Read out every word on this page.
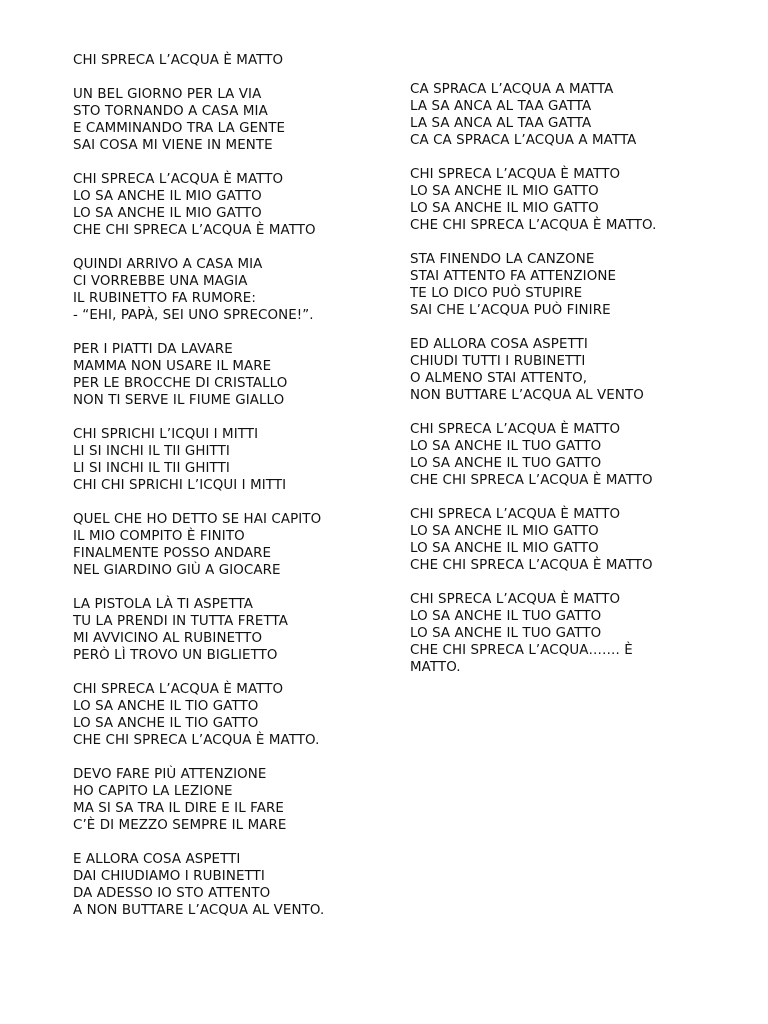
CHI SPRECA L’ACQUA È MATTO
UN BEL GIORNO PER LA VIA
STO TORNANDO A CASA MIA
E CAMMINANDO TRA LA GENTE
SAI COSA MI VIENE IN MENTE
CHI SPRECA L’ACQUA È MATTO
LO SA ANCHE IL MIO GATTO
LO SA ANCHE IL MIO GATTO
CHE CHI SPRECA L’ACQUA È MATTO
QUINDI ARRIVO A CASA MIA
CI VORREBBE UNA MAGIA
IL RUBINETTO FA RUMORE:
- “EHI, PAPÀ, SEI UNO SPRECONE!”.
PER I PIATTI DA LAVARE
MAMMA NON USARE IL MARE
PER LE BROCCHE DI CRISTALLO
NON TI SERVE IL FIUME GIALLO
CHI SPRICHI L’ICQUI I MITTI
LI SI INCHI IL TII GHITTI
LI SI INCHI IL TII GHITTI
CHI CHI SPRICHI L’ICQUI I MITTI
QUEL CHE HO DETTO SE HAI CAPITO
IL MIO COMPITO È FINITO
FINALMENTE POSSO ANDARE
NEL GIARDINO GIÙ A GIOCARE
LA PISTOLA LÀ TI ASPETTA
TU LA PRENDI IN TUTTA FRETTA
MI AVVICINO AL RUBINETTO
PERÒ LÌ TROVO UN BIGLIETTO
CHI SPRECA L’ACQUA È MATTO
LO SA ANCHE IL TIO GATTO
LO SA ANCHE IL TIO GATTO
CHE CHI SPRECA L’ACQUA È MATTO.
DEVO FARE PIÙ ATTENZIONE
HO CAPITO LA LEZIONE
MA SI SA TRA IL DIRE E IL FARE
C’È DI MEZZO SEMPRE IL MARE
E ALLORA COSA ASPETTI
DAI CHIUDIAMO I RUBINETTI
DA ADESSO IO STO ATTENTO
A NON BUTTARE L’ACQUA AL VENTO.
CA SPRACA L’ACQUA A MATTA
LA SA ANCA AL TAA GATTA
LA SA ANCA AL TAA GATTA
CA CA SPRACA L’ACQUA A MATTA
CHI SPRECA L’ACQUA È MATTO
LO SA ANCHE IL MIO GATTO
LO SA ANCHE IL MIO GATTO
CHE CHI SPRECA L’ACQUA È MATTO.
STA FINENDO LA CANZONE
STAI ATTENTO FA ATTENZIONE
TE LO DICO PUÒ STUPIRE
SAI CHE L’ACQUA PUÒ FINIRE
ED ALLORA COSA ASPETTI
CHIUDI TUTTI I RUBINETTI
O ALMENO STAI ATTENTO,
NON BUTTARE L’ACQUA AL VENTO
CHI SPRECA L’ACQUA È MATTO
LO SA ANCHE IL TUO GATTO
LO SA ANCHE IL TUO GATTO
CHE CHI SPRECA L’ACQUA È MATTO
CHI SPRECA L’ACQUA È MATTO
LO SA ANCHE IL MIO GATTO
LO SA ANCHE IL MIO GATTO
CHE CHI SPRECA L’ACQUA È MATTO
CHI SPRECA L’ACQUA È MATTO
LO SA ANCHE IL TUO GATTO
LO SA ANCHE IL TUO GATTO
CHE CHI SPRECA L’ACQUA……. È
MATTO.
